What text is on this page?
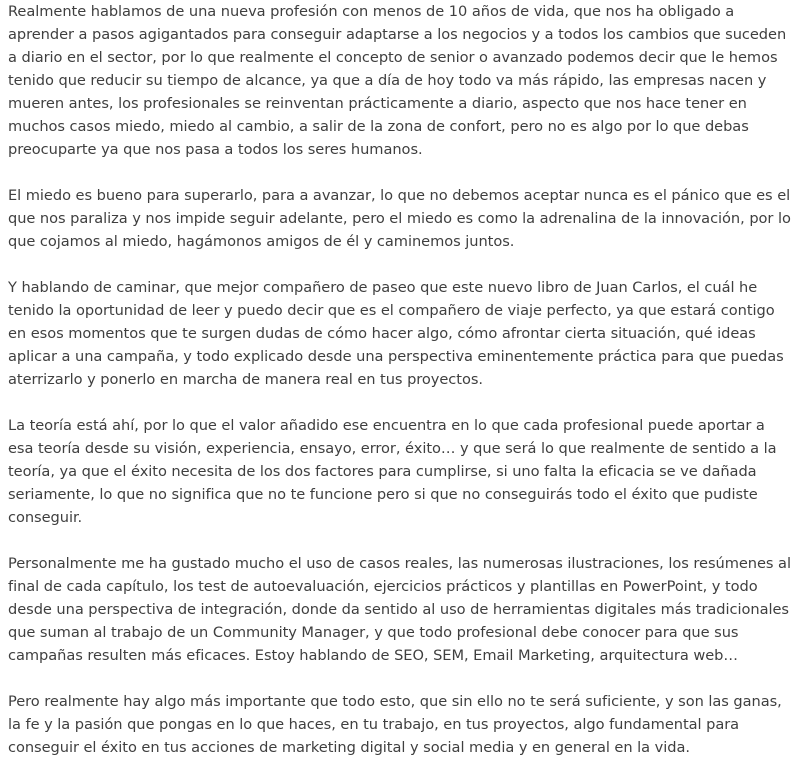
Realmente hablamos de una nueva profesión con menos de 10 años de vida, que nos ha obligado a aprender a pasos agigantados para conseguir adaptarse a los negocios y a todos los cambios que suceden a diario en el sector, por lo que realmente el concepto de senior o avanzado podemos decir que le hemos tenido que reducir su tiempo de alcance, ya que a día de hoy todo va más rápido, las empresas nacen y mueren antes, los profesionales se reinventan prácticamente a diario, aspecto que nos hace tener en muchos casos miedo, miedo al cambio, a salir de la zona de confort, pero no es algo por lo que debas preocuparte ya que nos pasa a todos los seres humanos.

El miedo es bueno para superarlo, para a avanzar, lo que no debemos aceptar nunca es el pánico que es el que nos paraliza y nos impide seguir adelante, pero el miedo es como la adrenalina de la innovación, por lo que cojamos al miedo, hagámonos amigos de él y caminemos juntos.

Y hablando de caminar, que mejor compañero de paseo que este nuevo libro de Juan Carlos, el cuál he tenido la oportunidad de leer y puedo decir que es el compañero de viaje perfecto, ya que estará contigo en esos momentos que te surgen dudas de cómo hacer algo, cómo afrontar cierta situación, qué ideas aplicar a una campaña, y todo explicado desde una perspectiva eminentemente práctica para que puedas aterrizarlo y ponerlo en marcha de manera real en tus proyectos.

La teoría está ahí, por lo que el valor añadido ese encuentra en lo que cada profesional puede aportar a esa teoría desde su visión, experiencia, ensayo, error, éxito… y que será lo que realmente de sentido a la teoría, ya que el éxito necesita de los dos factores para cumplirse, si uno falta la eficacia se ve dañada seriamente, lo que no significa que no te funcione pero si que no conseguirás todo el éxito que pudiste conseguir.

Personalmente me ha gustado mucho el uso de casos reales, las numerosas ilustraciones, los resúmenes al final de cada capítulo, los test de autoevaluación, ejercicios prácticos y plantillas en PowerPoint, y todo desde una perspectiva de integración, donde da sentido al uso de herramientas digitales más tradicionales que suman al trabajo de un Community Manager, y que todo profesional debe conocer para que sus campañas resulten más eficaces. Estoy hablando de SEO, SEM, Email Marketing, arquitectura web…

Pero realmente hay algo más importante que todo esto, que sin ello no te será suficiente, y son las ganas, la fe y la pasión que pongas en lo que haces, en tu trabajo, en tus proyectos, algo fundamental para conseguir el éxito en tus acciones de marketing digital y social media y en general en la vida.
